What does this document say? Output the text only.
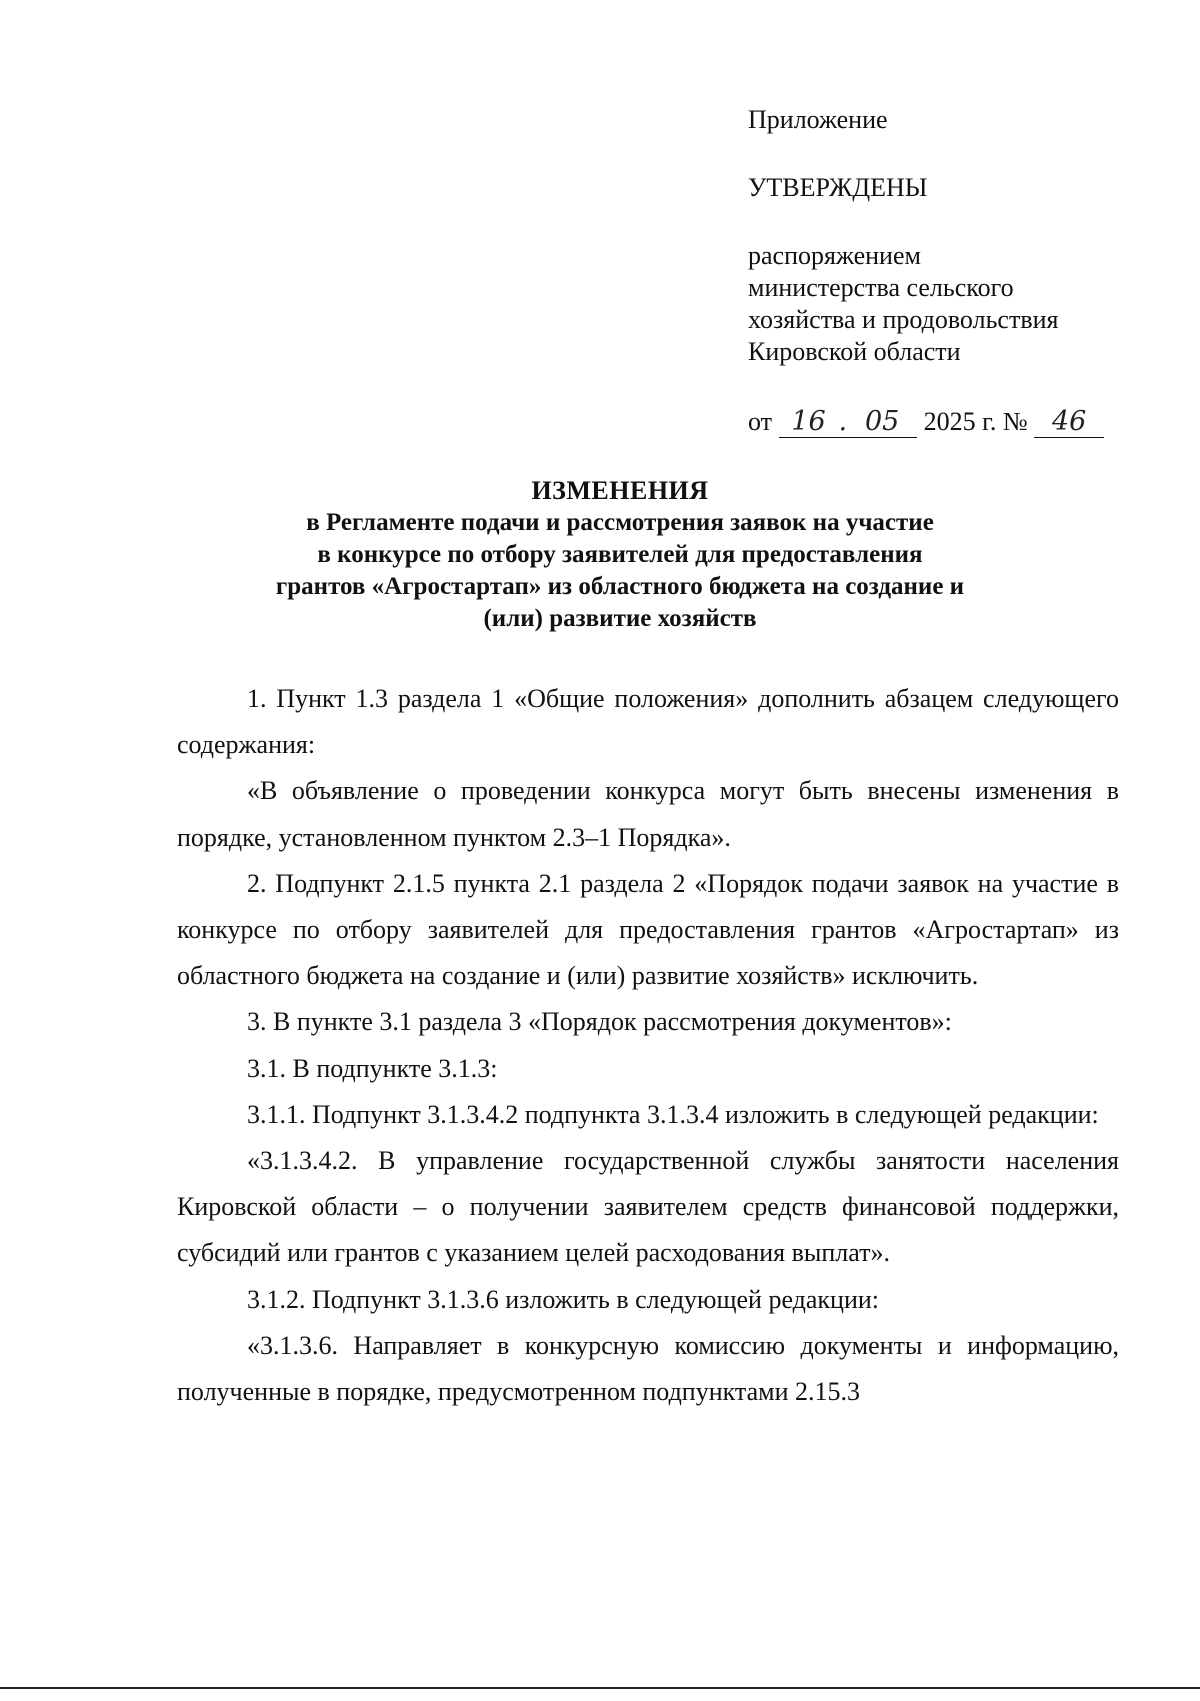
Приложение
УТВЕРЖДЕНЫ
распоряжением
министерства сельского
хозяйства и продовольствия
Кировской области
от 16 . 05 2025 г. № 46
ИЗМЕНЕНИЯ
в Регламенте подачи и рассмотрения заявок на участие
в конкурсе по отбору заявителей для предоставления
грантов «Агростартап» из областного бюджета на создание и
(или) развитие хозяйств

1. Пункт 1.3 раздела 1 «Общие положения» дополнить абзацем следующего содержания:

«В объявление о проведении конкурса могут быть внесены изменения в порядке, установленном пунктом 2.3–1 Порядка».

2. Подпункт 2.1.5 пункта 2.1 раздела 2 «Порядок подачи заявок на участие в конкурсе по отбору заявителей для предоставления грантов «Агростартап» из областного бюджета на создание и (или) развитие хозяйств» исключить.

3. В пункте 3.1 раздела 3 «Порядок рассмотрения документов»:

3.1. В подпункте 3.1.3:

3.1.1. Подпункт 3.1.3.4.2 подпункта 3.1.3.4 изложить в следующей редакции:

«3.1.3.4.2. В управление государственной службы занятости населения Кировской области – о получении заявителем средств финансовой поддержки, субсидий или грантов с указанием целей расходования выплат».

3.1.2. Подпункт 3.1.3.6 изложить в следующей редакции:

«3.1.3.6. Направляет в конкурсную комиссию документы и информацию, полученные в порядке, предусмотренном подпунктами 2.15.3
